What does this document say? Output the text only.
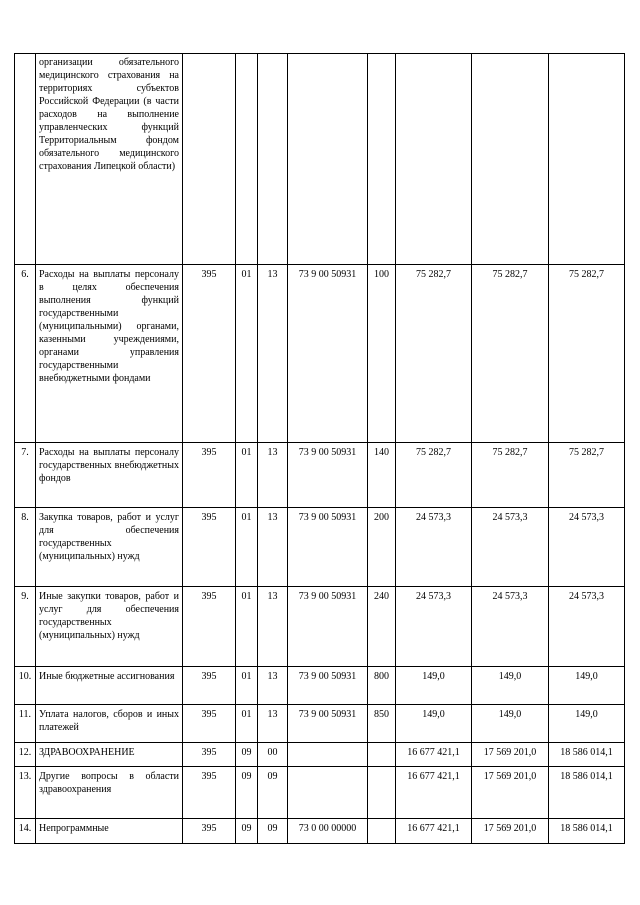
	организации обязательного медицинского страхования на территориях субъектов Российской Федерации (в части расходов на выполнение управленческих функций Территориальным фондом обязательного медицинского страхования Липецкой области)								
6.	Расходы на выплаты персоналу в целях обеспечения выполнения функций государственными (муниципальными) органами, казенными учреждениями, органами управления государственными внебюджетными фондами	395	01	13	73 9 00 50931	100	75 282,7	75 282,7	75 282,7
7.	Расходы на выплаты персоналу государственных внебюджетных фондов	395	01	13	73 9 00 50931	140	75 282,7	75 282,7	75 282,7
8.	Закупка товаров, работ и услуг для обеспечения государственных (муниципальных) нужд	395	01	13	73 9 00 50931	200	24 573,3	24 573,3	24 573,3
9.	Иные закупки товаров, работ и услуг для обеспечения государственных (муниципальных) нужд	395	01	13	73 9 00 50931	240	24 573,3	24 573,3	24 573,3
10.	Иные бюджетные ассигнования	395	01	13	73 9 00 50931	800	149,0	149,0	149,0
11.	Уплата налогов, сборов и иных платежей	395	01	13	73 9 00 50931	850	149,0	149,0	149,0
12.	ЗДРАВООХРАНЕНИЕ	395	09	00			16 677 421,1	17 569 201,0	18 586 014,1
13.	Другие вопросы в области здравоохранения	395	09	09			16 677 421,1	17 569 201,0	18 586 014,1
14.	Непрограммные	395	09	09	73 0 00 00000		16 677 421,1	17 569 201,0	18 586 014,1
